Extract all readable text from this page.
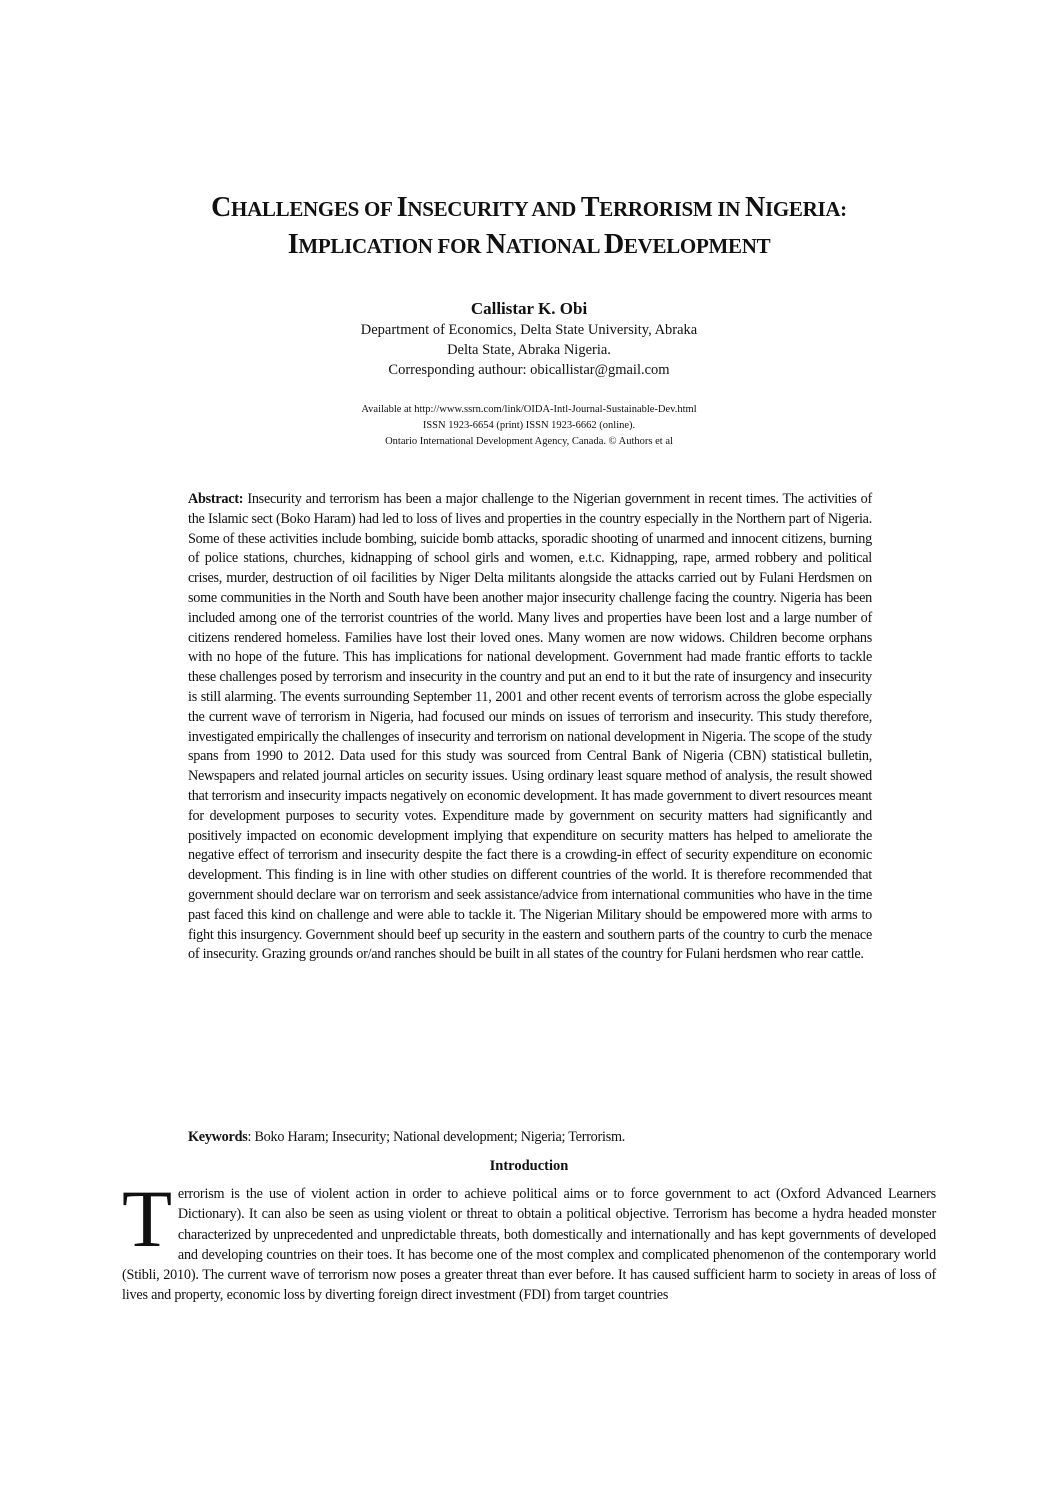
CHALLENGES OF INSECURITY AND TERRORISM IN NIGERIA:
IMPLICATION FOR NATIONAL DEVELOPMENT
Callistar K. Obi
Department of Economics, Delta State University, Abraka
Delta State, Abraka Nigeria.
Corresponding authour: obicallistar@gmail.com
Available at http://www.ssrn.com/link/OIDA-Intl-Journal-Sustainable-Dev.html
ISSN 1923-6654 (print) ISSN 1923-6662 (online).
Ontario International Development Agency, Canada. © Authors et al
Abstract: Insecurity and terrorism has been a major challenge to the Nigerian government in recent times. The activities of the Islamic sect (Boko Haram) had led to loss of lives and properties in the country especially in the Northern part of Nigeria. Some of these activities include bombing, suicide bomb attacks, sporadic shooting of unarmed and innocent citizens, burning of police stations, churches, kidnapping of school girls and women, e.t.c. Kidnapping, rape, armed robbery and political crises, murder, destruction of oil facilities by Niger Delta militants alongside the attacks carried out by Fulani Herdsmen on some communities in the North and South have been another major insecurity challenge facing the country. Nigeria has been included among one of the terrorist countries of the world. Many lives and properties have been lost and a large number of citizens rendered homeless. Families have lost their loved ones. Many women are now widows. Children become orphans with no hope of the future. This has implications for national development. Government had made frantic efforts to tackle these challenges posed by terrorism and insecurity in the country and put an end to it but the rate of insurgency and insecurity is still alarming. The events surrounding September 11, 2001 and other recent events of terrorism across the globe especially the current wave of terrorism in Nigeria, had focused our minds on issues of terrorism and insecurity. This study therefore, investigated empirically the challenges of insecurity and terrorism on national development in Nigeria. The scope of the study spans from 1990 to 2012. Data used for this study was sourced from Central Bank of Nigeria (CBN) statistical bulletin, Newspapers and related journal articles on security issues. Using ordinary least square method of analysis, the result showed that terrorism and insecurity impacts negatively on economic development. It has made government to divert resources meant for development purposes to security votes. Expenditure made by government on security matters had significantly and positively impacted on economic development implying that expenditure on security matters has helped to ameliorate the negative effect of terrorism and insecurity despite the fact there is a crowding-in effect of security expenditure on economic development. This finding is in line with other studies on different countries of the world. It is therefore recommended that government should declare war on terrorism and seek assistance/advice from international communities who have in the time past faced this kind on challenge and were able to tackle it. The Nigerian Military should be empowered more with arms to fight this insurgency. Government should beef up security in the eastern and southern parts of the country to curb the menace of insecurity. Grazing grounds or/and ranches should be built in all states of the country for Fulani herdsmen who rear cattle.
Keywords: Boko Haram; Insecurity; National development; Nigeria; Terrorism.
Introduction
Terrorism is the use of violent action in order to achieve political aims or to force government to act (Oxford Advanced Learners Dictionary). It can also be seen as using violent or threat to obtain a political objective. Terrorism has become a hydra headed monster characterized by unprecedented and unpredictable threats, both domestically and internationally and has kept governments of developed and developing countries on their toes. It has become one of the most complex and complicated phenomenon of the contemporary world (Stibli, 2010). The current wave of terrorism now poses a greater threat than ever before. It has caused sufficient harm to society in areas of loss of lives and property, economic loss by diverting foreign direct investment (FDI) from target countries
